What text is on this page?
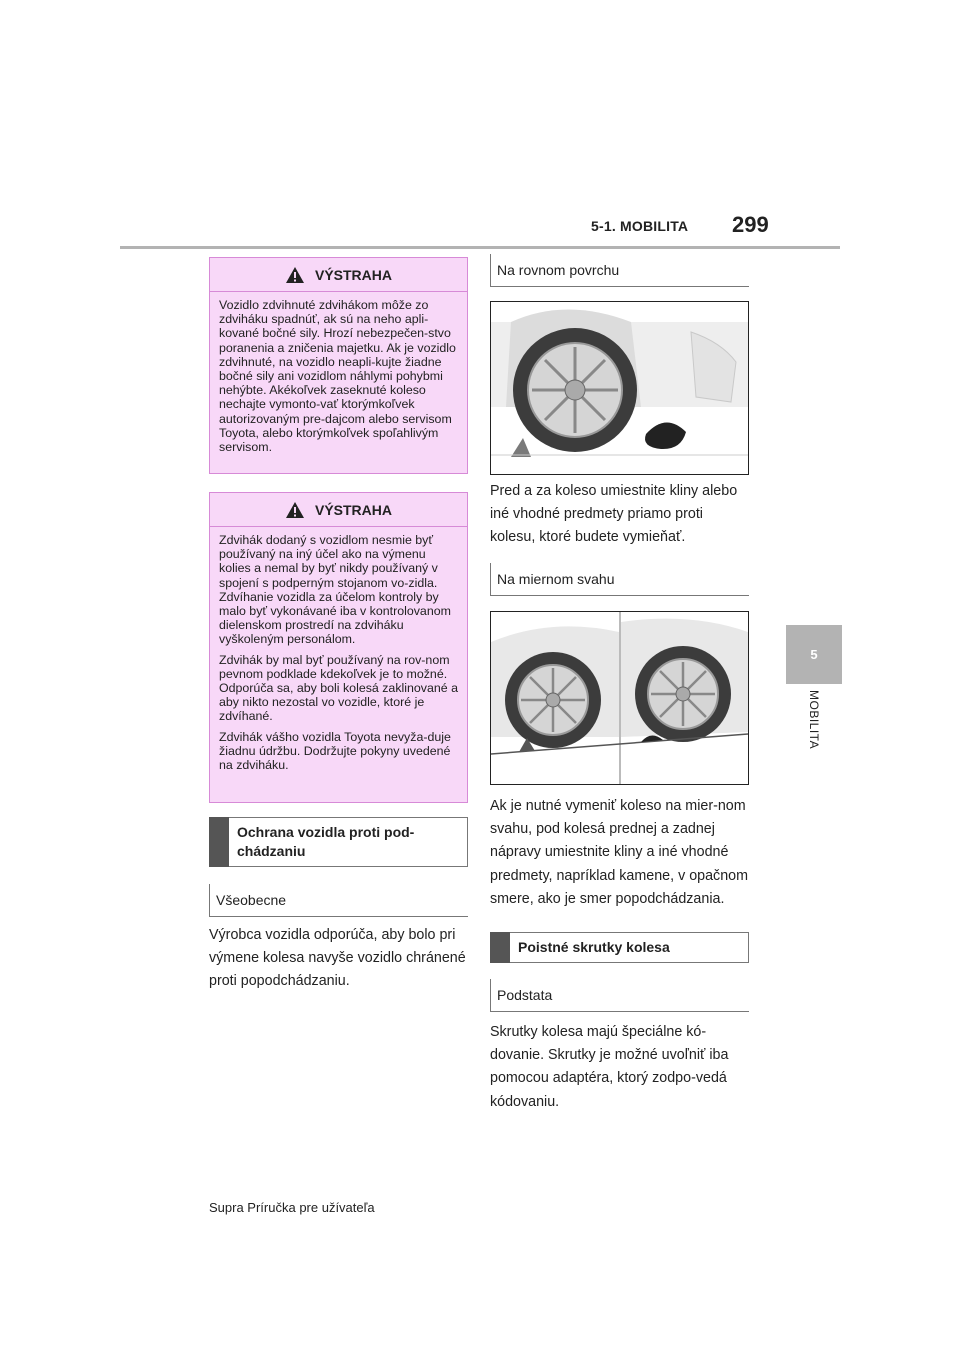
5-1. MOBILITA 299
5
MOBILITA
VÝSTRAHA

Vozidlo zdvihnuté zdvihákom môže zo zdviháku spadnúť, ak sú na neho apli-kované bočné sily. Hrozí nebezpečen-stvo poranenia a zničenia majetku. Ak je vozidlo zdvihnuté, na vozidlo neapli-kujte žiadne bočné sily ani vozidlom náhlymi pohybmi nehýbte. Akékoľvek zaseknuté koleso nechajte vymonto-vať ktorýmkoľvek autorizovaným pre-dajcom alebo servisom Toyota, alebo ktorýmkoľvek spoľahlivým servisom.

VÝSTRAHA

Zdvihák dodaný s vozidlom nesmie byť používaný na iný účel ako na výmenu kolies a nemal by byť nikdy používaný v spojení s podperným stojanom vo-zidla. Zdvíhanie vozidla za účelom kontroly by malo byť vykonávané iba v kontrolovanom dielenskom prostredí na zdviháku vyškoleným personálom.

Zdvihák by mal byť používaný na rov-nom pevnom podklade kdekoľvek je to možné. Odporúča sa, aby boli kolesá zaklinované a aby nikto nezostal vo vozidle, ktoré je zdvíhané.

Zdvihák vášho vozidla Toyota nevyža-duje žiadnu údržbu. Dodržujte pokyny uvedené na zdviháku.

Ochrana vozidla proti pod-chádzaniu
Všeobecne
Výrobca vozidla odporúča, aby bolo pri výmene kolesa navyše vozidlo chránené proti popodchádzaniu.
Na rovnom povrchu
Pred a za koleso umiestnite kliny alebo iné vhodné predmety priamo proti kolesu, ktoré budete vymieňať.
Na miernom svahu
Ak je nutné vymeniť koleso na mier-nom svahu, pod kolesá prednej a zadnej nápravy umiestnite kliny a iné vhodné predmety, napríklad kamene, v opačnom smere, ako je smer popodchádzania.
Poistné skrutky kolesa
Podstata
Skrutky kolesa majú špeciálne kó-dovanie. Skrutky je možné uvoľniť iba pomocou adaptéra, ktorý zodpo-vedá kódovaniu.
Supra Príručka pre užívateľa
